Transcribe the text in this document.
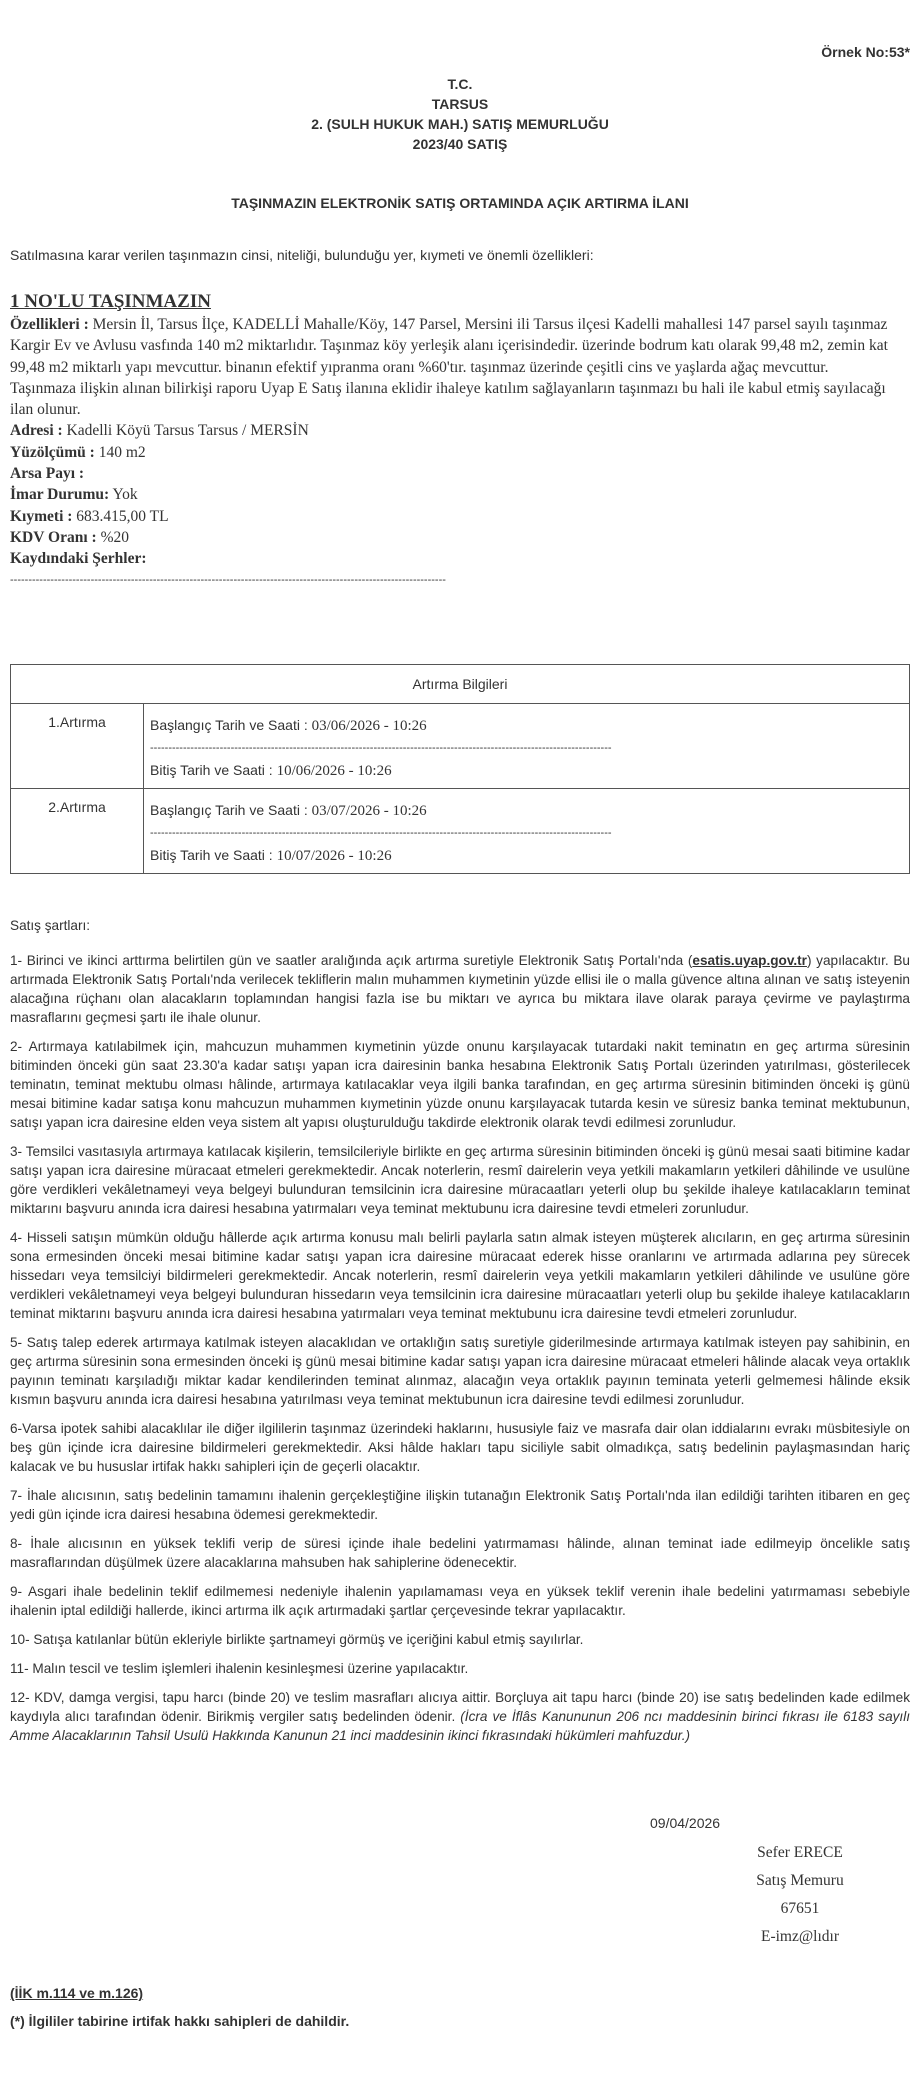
Örnek No:53*
T.C.
TARSUS
2. (SULH HUKUK MAH.) SATIŞ MEMURLUĞU
2023/40 SATIŞ
TAŞINMAZIN ELEKTRONİK SATIŞ ORTAMINDA AÇIK ARTIRMA İLANI
Satılmasına karar verilen taşınmazın cinsi, niteliği, bulunduğu yer, kıymeti ve önemli özellikleri:
1 NO'LU TAŞINMAZIN
Özellikleri : Mersin İl, Tarsus İlçe, KADELLİ Mahalle/Köy, 147 Parsel, Mersini ili Tarsus ilçesi Kadelli mahallesi 147 parsel sayılı taşınmaz Kargir Ev ve Avlusu vasfında 140 m2 miktarlıdır. Taşınmaz köy yerleşik alanı içerisindedir. üzerinde bodrum katı olarak 99,48 m2, zemin kat 99,48 m2 miktarlı yapı mevcuttur. binanın efektif yıpranma oranı %60'tır. taşınmaz üzerinde çeşitli cins ve yaşlarda ağaç mevcuttur. Taşınmaza ilişkin alınan bilirkişi raporu Uyap E Satış ilanına eklidir ihaleye katılım sağlayanların taşınmazı bu hali ile kabul etmiş sayılacağı ilan olunur.
Adresi : Kadelli Köyü Tarsus Tarsus / MERSİN
Yüzölçümü : 140 m2
Arsa Payı :
İmar Durumu: Yok
Kıymeti : 683.415,00 TL
KDV Oranı : %20
Kaydındaki Şerhler:
-----------------------------------------------------------------------------------------------------------------------
Artırma Bilgileri	
1.Artırma	Başlangıç Tarih ve Saati : 03/06/2026 - 10:26
------------------------------------------------------------------------------------------------------------------------------
Bitiş Tarih ve Saati : 10/06/2026 - 10:26

2.Artırma	Başlangıç Tarih ve Saati : 03/07/2026 - 10:26
------------------------------------------------------------------------------------------------------------------------------
Bitiş Tarih ve Saati : 10/07/2026 - 10:26

Satış şartları:

1- Birinci ve ikinci arttırma belirtilen gün ve saatler aralığında açık artırma suretiyle Elektronik Satış Portalı'nda (esatis.uyap.gov.tr) yapılacaktır. Bu artırmada Elektronik Satış Portalı'nda verilecek tekliflerin malın muhammen kıymetinin yüzde ellisi ile o malla güvence altına alınan ve satış isteyenin alacağına rüçhanı olan alacakların toplamından hangisi fazla ise bu miktarı ve ayrıca bu miktara ilave olarak paraya çevirme ve paylaştırma masraflarını geçmesi şartı ile ihale olunur.

2- Artırmaya katılabilmek için, mahcuzun muhammen kıymetinin yüzde onunu karşılayacak tutardaki nakit teminatın en geç artırma süresinin bitiminden önceki gün saat 23.30'a kadar satışı yapan icra dairesinin banka hesabına Elektronik Satış Portalı üzerinden yatırılması, gösterilecek teminatın, teminat mektubu olması hâlinde, artırmaya katılacaklar veya ilgili banka tarafından, en geç artırma süresinin bitiminden önceki iş günü mesai bitimine kadar satışa konu mahcuzun muhammen kıymetinin yüzde onunu karşılayacak tutarda kesin ve süresiz banka teminat mektubunun, satışı yapan icra dairesine elden veya sistem alt yapısı oluşturulduğu takdirde elektronik olarak tevdi edilmesi zorunludur.

3- Temsilci vasıtasıyla artırmaya katılacak kişilerin, temsilcileriyle birlikte en geç artırma süresinin bitiminden önceki iş günü mesai saati bitimine kadar satışı yapan icra dairesine müracaat etmeleri gerekmektedir. Ancak noterlerin, resmî dairelerin veya yetkili makamların yetkileri dâhilinde ve usulüne göre verdikleri vekâletnameyi veya belgeyi bulunduran temsilcinin icra dairesine müracaatları yeterli olup bu şekilde ihaleye katılacakların teminat miktarını başvuru anında icra dairesi hesabına yatırmaları veya teminat mektubunu icra dairesine tevdi etmeleri zorunludur.

4- Hisseli satışın mümkün olduğu hâllerde açık artırma konusu malı belirli paylarla satın almak isteyen müşterek alıcıların, en geç artırma süresinin sona ermesinden önceki mesai bitimine kadar satışı yapan icra dairesine müracaat ederek hisse oranlarını ve artırmada adlarına pey sürecek hissedarı veya temsilciyi bildirmeleri gerekmektedir. Ancak noterlerin, resmî dairelerin veya yetkili makamların yetkileri dâhilinde ve usulüne göre verdikleri vekâletnameyi veya belgeyi bulunduran hissedarın veya temsilcinin icra dairesine müracaatları yeterli olup bu şekilde ihaleye katılacakların teminat miktarını başvuru anında icra dairesi hesabına yatırmaları veya teminat mektubunu icra dairesine tevdi etmeleri zorunludur.

5- Satış talep ederek artırmaya katılmak isteyen alacaklıdan ve ortaklığın satış suretiyle giderilmesinde artırmaya katılmak isteyen pay sahibinin, en geç artırma süresinin sona ermesinden önceki iş günü mesai bitimine kadar satışı yapan icra dairesine müracaat etmeleri hâlinde alacak veya ortaklık payının teminatı karşıladığı miktar kadar kendilerinden teminat alınmaz, alacağın veya ortaklık payının teminata yeterli gelmemesi hâlinde eksik kısmın başvuru anında icra dairesi hesabına yatırılması veya teminat mektubunun icra dairesine tevdi edilmesi zorunludur.

6-Varsa ipotek sahibi alacaklılar ile diğer ilgililerin taşınmaz üzerindeki haklarını, hususiyle faiz ve masrafa dair olan iddialarını evrakı müsbitesiyle on beş gün içinde icra dairesine bildirmeleri gerekmektedir. Aksi hâlde hakları tapu siciliyle sabit olmadıkça, satış bedelinin paylaşmasından hariç kalacak ve bu hususlar irtifak hakkı sahipleri için de geçerli olacaktır.

7- İhale alıcısının, satış bedelinin tamamını ihalenin gerçekleştiğine ilişkin tutanağın Elektronik Satış Portalı'nda ilan edildiği tarihten itibaren en geç yedi gün içinde icra dairesi hesabına ödemesi gerekmektedir.

8- İhale alıcısının en yüksek teklifi verip de süresi içinde ihale bedelini yatırmaması hâlinde, alınan teminat iade edilmeyip öncelikle satış masraflarından düşülmek üzere alacaklarına mahsuben hak sahiplerine ödenecektir.

9- Asgari ihale bedelinin teklif edilmemesi nedeniyle ihalenin yapılamaması veya en yüksek teklif verenin ihale bedelini yatırmaması sebebiyle ihalenin iptal edildiği hallerde, ikinci artırma ilk açık artırmadaki şartlar çerçevesinde tekrar yapılacaktır.

10- Satışa katılanlar bütün ekleriyle birlikte şartnameyi görmüş ve içeriğini kabul etmiş sayılırlar.

11- Malın tescil ve teslim işlemleri ihalenin kesinleşmesi üzerine yapılacaktır.

12- KDV, damga vergisi, tapu harcı (binde 20) ve teslim masrafları alıcıya aittir. Borçluya ait tapu harcı (binde 20) ise satış bedelinden kade edilmek kaydıyla alıcı tarafından ödenir. Birikmiş vergiler satış bedelinden ödenir. (İcra ve İflâs Kanununun 206 ncı maddesinin birinci fıkrası ile 6183 sayılı Amme Alacaklarının Tahsil Usulü Hakkında Kanunun 21 inci maddesinin ikinci fıkrasındaki hükümleri mahfuzdur.)

09/04/2026
Sefer ERECE
Satış Memuru
67651
E-imz@lıdır
(İİK m.114 ve m.126)
(*) İlgililer tabirine irtifak hakkı sahipleri de dahildir.
